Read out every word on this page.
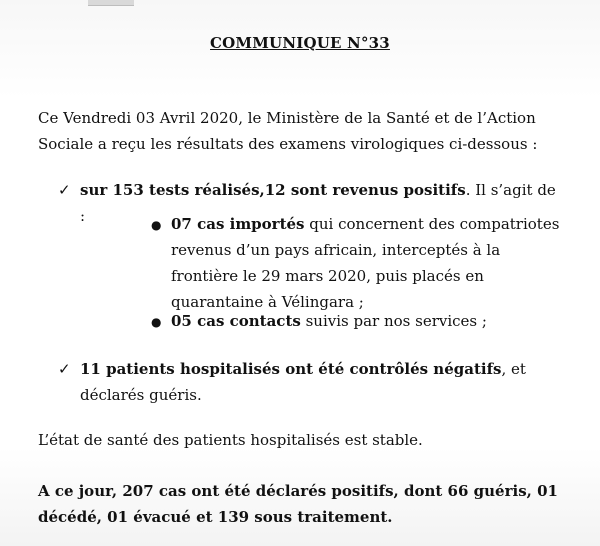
COMMUNIQUE N°33

Ce Vendredi 03 Avril 2020, le Ministère de la Santé et de l’Action Sociale a reçu les résultats des examens virologiques ci-dessous :

✓ sur 153 tests réalisés,12 sont revenus positifs. Il s’agit de :	● 07 cas importés qui concernent des compatriotes revenus d’un pays africain, interceptés à la frontière le 29 mars 2020, puis placés en quarantaine à Vélingara ;
● 05 cas contacts suivis par nos services ;
✓ 11 patients hospitalisés ont été contrôlés négatifs, et déclarés guéris.

L’état de santé des patients hospitalisés est stable.

A ce jour, 207 cas ont été déclarés positifs, dont 66 guéris, 01 décédé, 01 évacué et 139 sous traitement.
